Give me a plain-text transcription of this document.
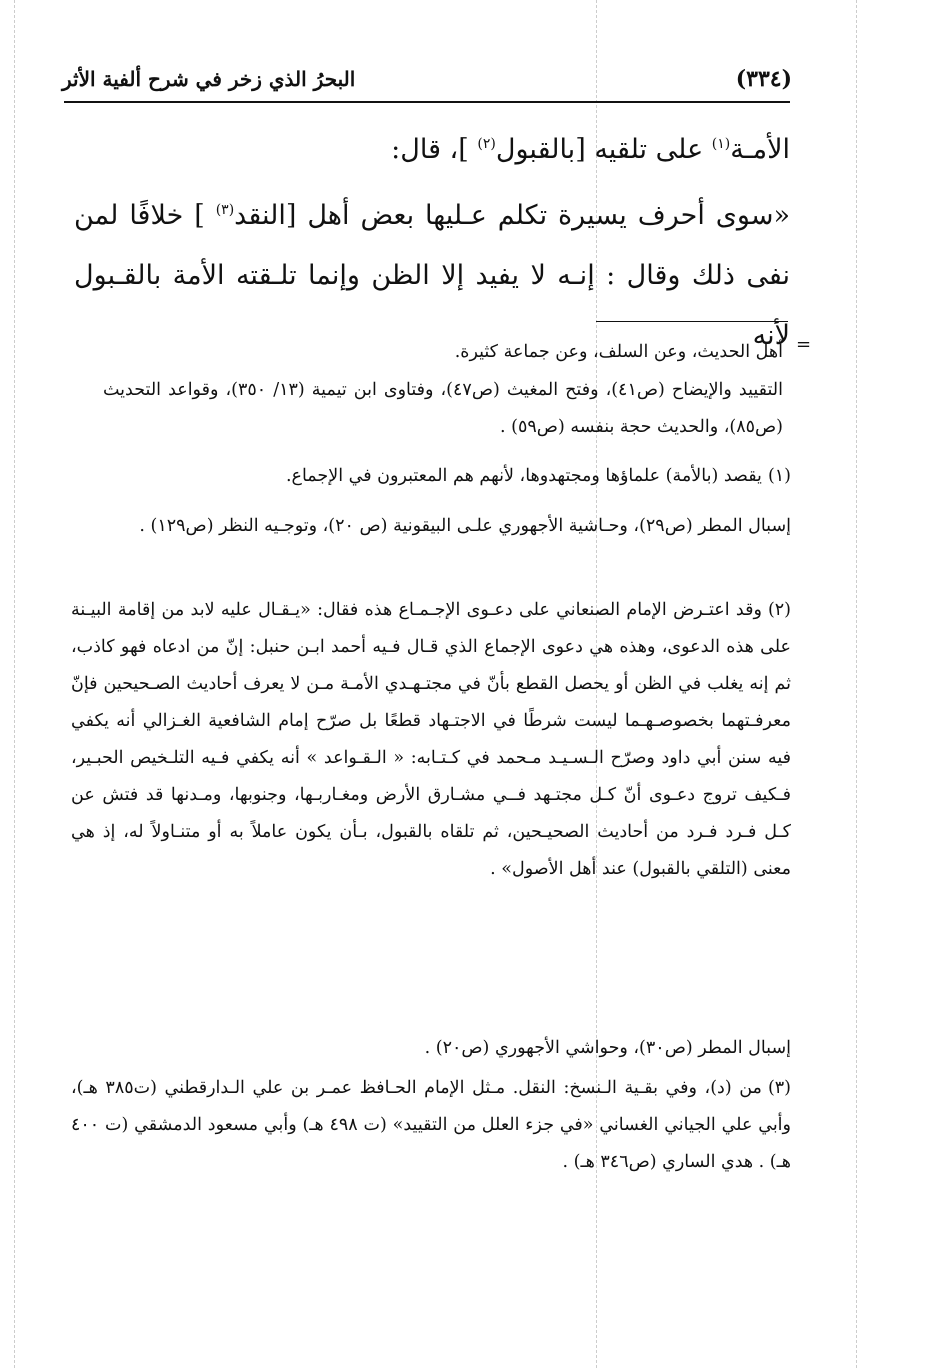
(٣٣٤)
البحرُ الذي زخر في شرح ألفية الأثر
الأمـة$^{(١)}$ على تلقيه [بالقبول$^{(٢)}$ ]، قال:
«سوى أحرف يسيرة تكلم عـليها بعض أهل [النقد$^{(٣)}$ ] خلافًا لمن نفى ذلك وقال : إنـه لا يفيد إلا الظن وإنما تلـقته الأمة بالقـبول لأنه =
أهل الحديث، وعن السلف، وعن جماعة كثيرة.
التقييد والإيضاح (ص٤١)، وفتح المغيث (ص٤٧)، وفتاوى ابن تيمية (١٣/ ٣٥٠)، وقواعد التحديث (ص٨٥)، والحديث حجة بنفسه (ص٥٩) .
(١)يقصد (بالأمة) علماؤها ومجتهدوها، لأنهم هم المعتبرون في الإجماع.
إسبال المطر (ص٢٩)، وحـاشية الأجهوري علـى البيقونية (ص ٢٠)، وتوجـيه النظر (ص١٢٩) .
(٢)وقد اعتـرض الإمام الصنعاني على دعـوى الإجـمـاع هذه فقال: «يـقـال عليه لابد من إقامة البيـنة على هذه الدعوى، وهذه هي دعوى الإجماع الذي قـال فـيه أحمد ابـن حنبل: إنّ من ادعاه فهو كاذب، ثم إنه يغلب في الظن أو يحصل القطع بأنّ في مجتـهـدي الأمـة مـن لا يعرف أحاديث الصـحيحين فإنّ معرفـتهما بخصوصـهـما ليست شرطًا في الاجتـهاد قطعًا بل صرّح إمام الشافعية الغـزالي أنه يكفي فيه سنن أبي داود وصرّح الـسـيـد مـحمد في كـتـابه: « الـقـواعد » أنه يكفي فـيه التلـخيص الحبـير، فـكيف تروج دعـوى أنّ كـل مجتـهد فــي مشـارق الأرض ومغـاربـها، وجنوبها، ومـدنها قد فتش عن كـل فـرد فـرد من أحاديث الصحيـحين، ثم تلقاه بالقبول، بـأن يكون عاملاً به أو متنـاولاً له، إذ هي معنى (التلقي بالقبول) عند أهل الأصول» .
إسبال المطر (ص٣٠)، وحواشي الأجهوري (ص٢٠) .
(٣)من (د)، وفي بقـية الـنسخ: النقل. مـثل الإمام الحـافظ عمـر بن علي الـدارقطني (ت٣٨٥ هـ)، وأبي علي الجياني الغساني «في جزء العلل من التقييد» (ت ٤٩٨ هـ) وأبي مسعود الدمشقي (ت ٤٠٠ هـ) . هدي الساري (ص٣٤٦ هـ) .
